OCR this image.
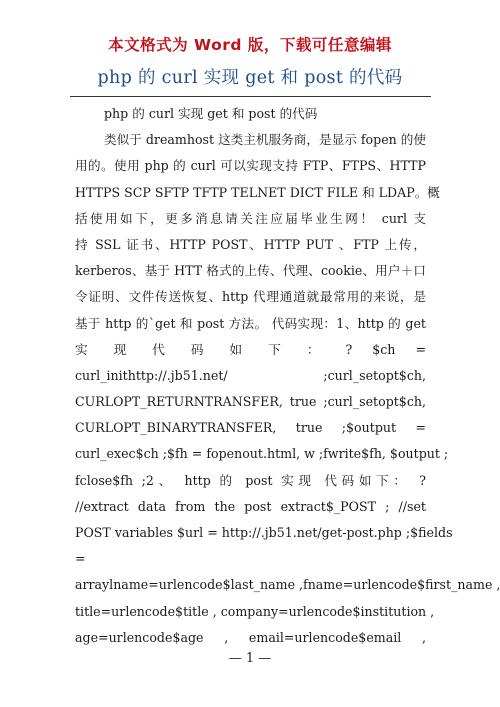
本文格式为 Word 版，下载可任意编辑
php 的 curl 实现 get 和 post 的代码
php 的 curl 实现 get 和 post 的代码
类似于 dreamhost 这类主机服务商，是显示 fopen 的使
用的。使用 php 的 curl 可以实现支持 FTP、FTPS、HTTP
HTTPS SCP SFTP TFTP TELNET DICT FILE 和 LDAP。概
括使用如下，更多消息请关注应届毕业生网！ curl 支
持 SSL 证书、HTTP POST、HTTP PUT 、FTP 上传，
kerberos、基于 HTT 格式的上传、代理、cookie、用户＋口
令证明、文件传送恢复、http 代理通道就最常用的来说，是
基于 http 的`get 和 post 方法。 代码实现：1、http 的 get
实 现 代 码 如 下 ： ? $ch =
curl_inithttp://.jb51.net/ ;curl_setopt$ch,
CURLOPT_RETURNTRANSFER, true ;curl_setopt$ch,
CURLOPT_BINARYTRANSFER, true ;$output =
curl_exec$ch ;$fh = fopenout.html, w ;fwrite$fh, $output ;
fclose$fh ;2、 http 的 post 实现 代码如下： ?
//extract data from the post extract$_POST ; //set
POST variables $url = http://.jb51.net/get-post.php ;$fields
=
arraylname=urlencode$last_name ,fname=urlencode$first_name ,
title=urlencode$title , company=urlencode$institution ,
age=urlencode$age , email=urlencode$email ,
— 1 —
